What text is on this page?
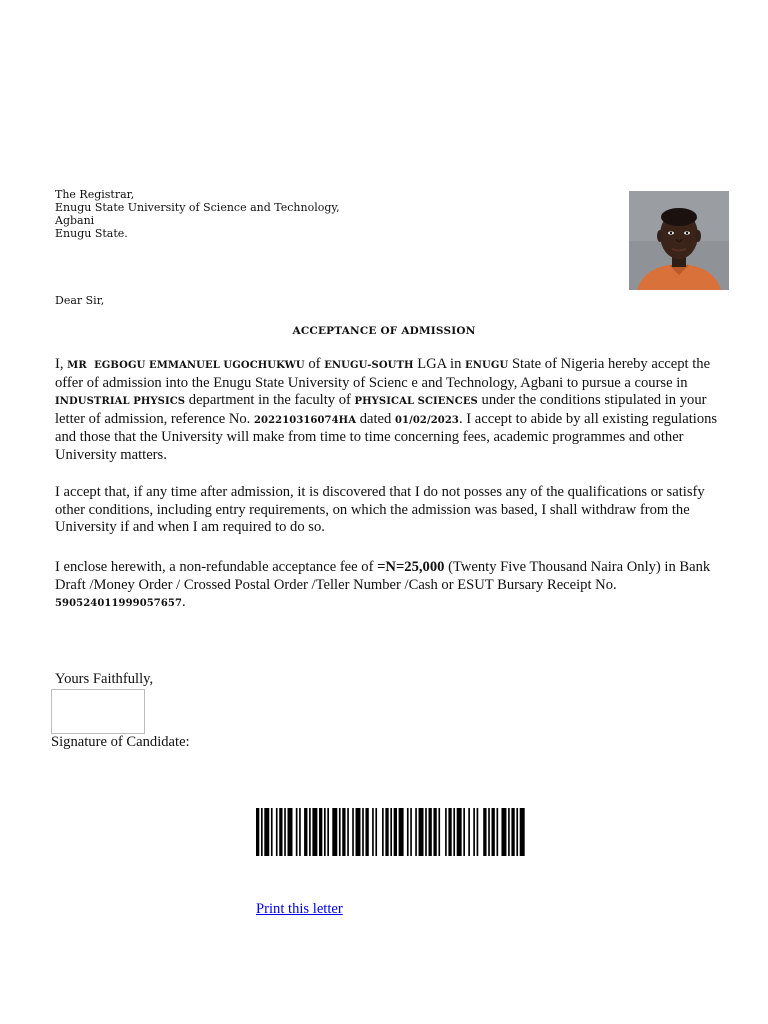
The Registrar,
Enugu State University of Science and Technology,
Agbani
Enugu State.
Dear Sir,
ACCEPTANCE OF ADMISSION
I, MR EGBOGU EMMANUEL UGOCHUKWU of ENUGU-SOUTH LGA in ENUGU State of Nigeria hereby accept the offer of admission into the Enugu State University of Scienc e and Technology, Agbani to pursue a course in INDUSTRIAL PHYSICS department in the faculty of PHYSICAL SCIENCES under the conditions stipulated in your letter of admission, reference No. 202210316074HA dated 01/02/2023. I accept to abide by all existing regulations and those that the University will make from time to time concerning fees, academic programmes and other University matters.
I accept that, if any time after admission, it is discovered that I do not posses any of the qualifications or satisfy other conditions, including entry requirements, on which the admission was based, I shall withdraw from the University if and when I am required to do so.
I enclose herewith, a non-refundable acceptance fee of =N=25,000 (Twenty Five Thousand Naira Only) in Bank Draft /Money Order / Crossed Postal Order /Teller Number /Cash or ESUT Bursary Receipt No. 590524011999057657.
Yours Faithfully,
Signature of Candidate:
Print this letter
